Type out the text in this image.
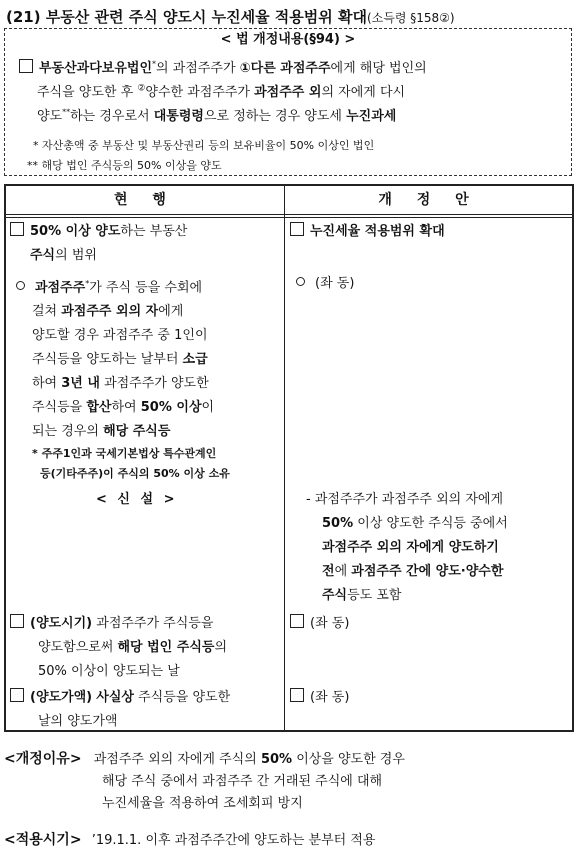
(21) 부동산 관련 주식 양도시 누진세율 적용범위 확대(소득령 §158②)
< 법 개정내용(§94) >
부동산과다보유법인*의 과점주주가 ①다른 과점주주에게 해당 법인의
주식을 양도한 후 ②양수한 과점주주가 과점주주 외의 자에게 다시
양도**하는 경우로서 대통령령으로 정하는 경우 양도세 누진과세
* 자산총액 중 부동산 및 부동산권리 등의 보유비율이 50% 이상인 법인
** 해당 법인 주식등의 50% 이상을 양도
현 행	개 정 안
50% 이상 양도하는 부동산
주식의 범위
과점주주*가 주식 등을 수회에
걸쳐 과점주주 외의 자에게
양도할 경우 과점주주 중 1인이
주식등을 양도하는 날부터 소급
하여 3년 내 과점주주가 양도한
주식등을 합산하여 50% 이상이
되는 경우의 해당 주식등
* 주주1인과 국세기본법상 특수관계인
등(기타주주)이 주식의 50% 이상 소유
< 신 설 >
(양도시기) 과점주주가 주식등을
양도함으로써 해당 법인 주식등의
50% 이상이 양도되는 날
(양도가액) 사실상 주식등을 양도한
날의 양도가액
누진세율 적용범위 확대
(좌 동)
- 과점주주가 과점주주 외의 자에게
50% 이상 양도한 주식등 중에서
과점주주 외의 자에게 양도하기
전에 과점주주 간에 양도·양수한
주식등도 포함
(좌 동)
(좌 동)
<개정이유> 과점주주 외의 자에게 주식의 50% 이상을 양도한 경우
해당 주식 중에서 과점주주 간 거래된 주식에 대해
누진세율을 적용하여 조세회피 방지
<적용시기> ’19.1.1. 이후 과점주주간에 양도하는 분부터 적용
